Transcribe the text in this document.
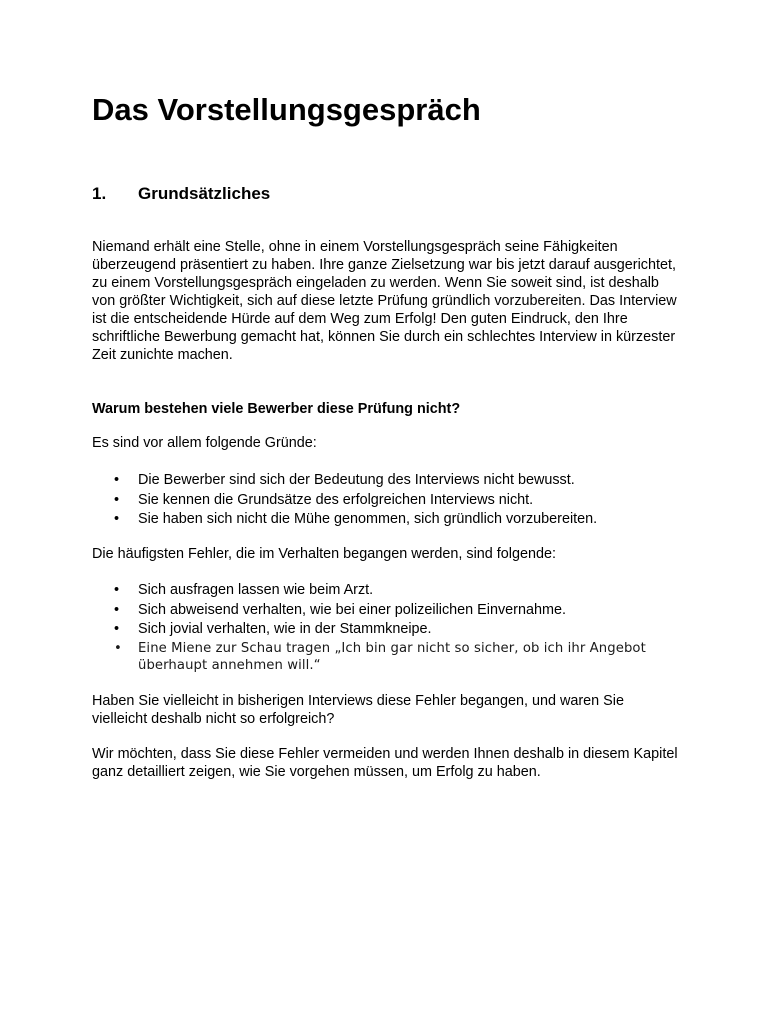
Das Vorstellungsgespräch
1. Grundsätzliches

Niemand erhält eine Stelle, ohne in einem Vorstellungsgespräch seine Fähigkeiten überzeugend präsentiert zu haben. Ihre ganze Zielsetzung war bis jetzt darauf ausgerichtet, zu einem Vorstellungsgespräch eingeladen zu werden. Wenn Sie soweit sind, ist deshalb von größter Wichtigkeit, sich auf diese letzte Prüfung gründlich vorzubereiten. Das Interview ist die entscheidende Hürde auf dem Weg zum Erfolg! Den guten Eindruck, den Ihre schriftliche Bewerbung gemacht hat, können Sie durch ein schlechtes Interview in kürzester Zeit zunichte machen.

Warum bestehen viele Bewerber diese Prüfung nicht?

Es sind vor allem folgende Gründe:

• Die Bewerber sind sich der Bedeutung des Interviews nicht bewusst.
• Sie kennen die Grundsätze des erfolgreichen Interviews nicht.
• Sie haben sich nicht die Mühe genommen, sich gründlich vorzubereiten.

Die häufigsten Fehler, die im Verhalten begangen werden, sind folgende:

• Sich ausfragen lassen wie beim Arzt.
• Sich abweisend verhalten, wie bei einer polizeilichen Einvernahme.
• Sich jovial verhalten, wie in der Stammkneipe.
• Eine Miene zur Schau tragen „Ich bin gar nicht so sicher, ob ich ihr Angebot überhaupt annehmen will.“

Haben Sie vielleicht in bisherigen Interviews diese Fehler begangen, und waren Sie vielleicht deshalb nicht so erfolgreich?

Wir möchten, dass Sie diese Fehler vermeiden und werden Ihnen deshalb in diesem Kapitel ganz detailliert zeigen, wie Sie vorgehen müssen, um Erfolg zu haben.
